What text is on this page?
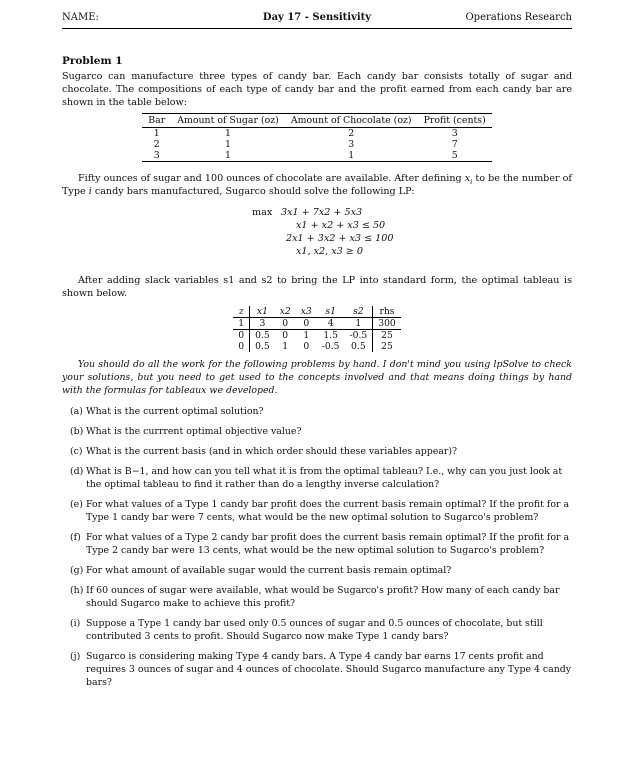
NAME:	Day 17 - Sensitivity	Operations Research
Problem 1

Sugarco can manufacture three types of candy bar. Each candy bar consists totally of sugar and chocolate. The compositions of each type of candy bar and the profit earned from each candy bar are shown in the table below:

Bar	Amount of Sugar (oz)	Amount of Chocolate (oz)	Profit (cents)
1	1	2	3
2	1	3	7
3	1	1	5

Fifty ounces of sugar and 100 ounces of chocolate are available. After defining $x_i$ to be the number of Type i candy bars manufactured, Sugarco should solve the following LP:

max 3x1 + 7x2 + 5x3
x1 + x2 + x3 ≤ 50
2x1 + 3x2 + x3 ≤ 100
x1, x2, x3 ≥ 0

After adding slack variables s1 and s2 to bring the LP into standard form, the optimal tableau is shown below.

z	x1	x2	x3	s1	s2	rhs
1	3	0	0	4	1	300
0	0.5	0	1	1.5	-0.5	25
0	0.5	1	0	-0.5	0.5	25

You should do all the work for the following problems by hand. I don't mind you using lpSolve to check your solutions, but you need to get used to the concepts involved and that means doing things by hand with the formulas for tableaux we developed.

(a) What is the current optimal solution?
(b) What is the currrent optimal objective value?
(c) What is the current basis (and in which order should these variables appear)?
(d) What is B−1, and how can you tell what it is from the optimal tableau? I.e., why can you just look at the optimal tableau to find it rather than do a lengthy inverse calculation?
(e) For what values of a Type 1 candy bar profit does the current basis remain optimal? If the profit for a Type 1 candy bar were 7 cents, what would be the new optimal solution to Sugarco's problem?
(f) For what values of a Type 2 candy bar profit does the current basis remain optimal? If the profit for a Type 2 candy bar were 13 cents, what would be the new optimal solution to Sugarco's problem?
(g) For what amount of available sugar would the current basis remain optimal?
(h) If 60 ounces of sugar were available, what would be Sugarco's profit? How many of each candy bar should Sugarco make to achieve this profit?
(i) Suppose a Type 1 candy bar used only 0.5 ounces of sugar and 0.5 ounces of chocolate, but still contributed 3 cents to profit. Should Sugarco now make Type 1 candy bars?
(j) Sugarco is considering making Type 4 candy bars. A Type 4 candy bar earns 17 cents profit and requires 3 ounces of sugar and 4 ounces of chocolate. Should Sugarco manufacture any Type 4 candy bars?
